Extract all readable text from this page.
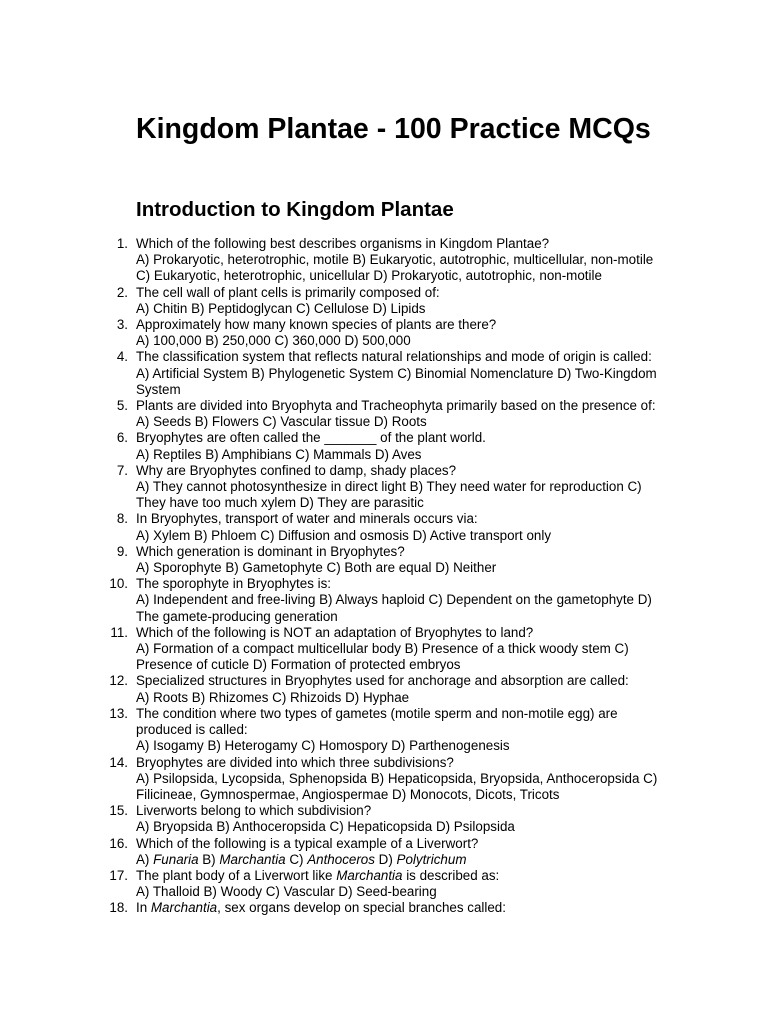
Kingdom Plantae - 100 Practice MCQs
Introduction to Kingdom Plantae
1. Which of the following best describes organisms in Kingdom Plantae?
A) Prokaryotic, heterotrophic, motile B) Eukaryotic, autotrophic, multicellular, non-motile
C) Eukaryotic, heterotrophic, unicellular D) Prokaryotic, autotrophic, non-motile
2. The cell wall of plant cells is primarily composed of:
A) Chitin B) Peptidoglycan C) Cellulose D) Lipids
3. Approximately how many known species of plants are there?
A) 100,000 B) 250,000 C) 360,000 D) 500,000
4. The classification system that reflects natural relationships and mode of origin is called:
A) Artificial System B) Phylogenetic System C) Binomial Nomenclature D) Two-Kingdom
System
5. Plants are divided into Bryophyta and Tracheophyta primarily based on the presence of:
A) Seeds B) Flowers C) Vascular tissue D) Roots
6. Bryophytes are often called the _______ of the plant world.
A) Reptiles B) Amphibians C) Mammals D) Aves
7. Why are Bryophytes confined to damp, shady places?
A) They cannot photosynthesize in direct light B) They need water for reproduction C)
They have too much xylem D) They are parasitic
8. In Bryophytes, transport of water and minerals occurs via:
A) Xylem B) Phloem C) Diffusion and osmosis D) Active transport only
9. Which generation is dominant in Bryophytes?
A) Sporophyte B) Gametophyte C) Both are equal D) Neither
10. The sporophyte in Bryophytes is:
A) Independent and free-living B) Always haploid C) Dependent on the gametophyte D)
The gamete-producing generation
11. Which of the following is NOT an adaptation of Bryophytes to land?
A) Formation of a compact multicellular body B) Presence of a thick woody stem C)
Presence of cuticle D) Formation of protected embryos
12. Specialized structures in Bryophytes used for anchorage and absorption are called:
A) Roots B) Rhizomes C) Rhizoids D) Hyphae
13. The condition where two types of gametes (motile sperm and non-motile egg) are
produced is called:
A) Isogamy B) Heterogamy C) Homospory D) Parthenogenesis
14. Bryophytes are divided into which three subdivisions?
A) Psilopsida, Lycopsida, Sphenopsida B) Hepaticopsida, Bryopsida, Anthoceropsida C)
Filicineae, Gymnospermae, Angiospermae D) Monocots, Dicots, Tricots
15. Liverworts belong to which subdivision?
A) Bryopsida B) Anthoceropsida C) Hepaticopsida D) Psilopsida
16. Which of the following is a typical example of a Liverwort?
A) Funaria B) Marchantia C) Anthoceros D) Polytrichum
17. The plant body of a Liverwort like Marchantia is described as:
A) Thalloid B) Woody C) Vascular D) Seed-bearing
18. In Marchantia, sex organs develop on special branches called:
